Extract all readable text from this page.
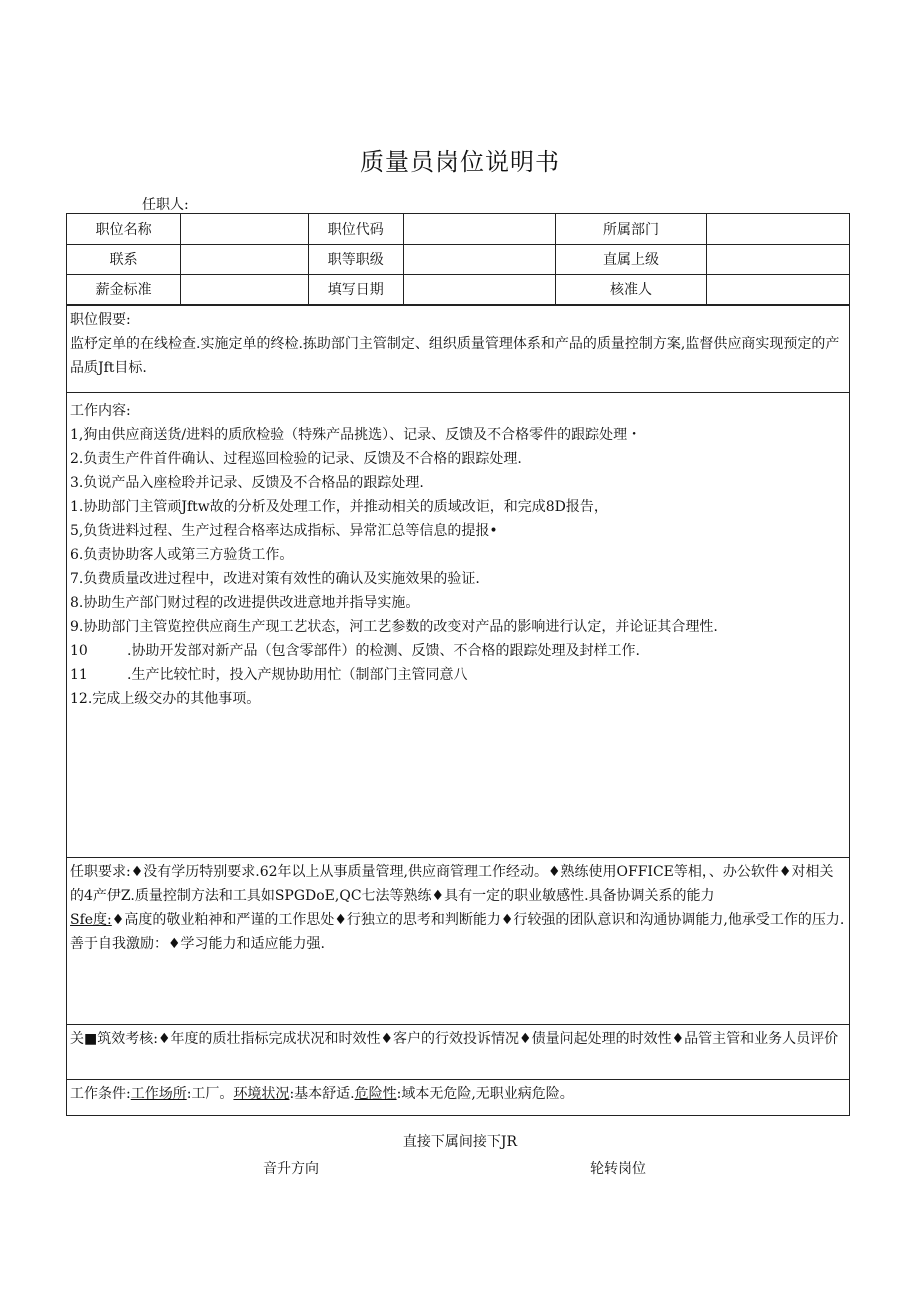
质量员岗位说明书
任职人:
职位名称		职位代码		所属部门	
联系		职等职级		直属上级	
薪金标准		填写日期		核准人	

职位假要:

监杼定单的在线检查.实施定单的终检.拣助部门主管制定、组织质量管理体系和产品的质量控制方案,监督供应商实现预定的产品质Jft目标.

工作内容:

1,狗由供应商送货/进料的质欣检验（特殊产品挑选）、记录、反馈及不合格零件的跟踪处理・

2.负责生产件首件确认、过程巡回检验的记录、反馈及不合格的跟踪处理.

3.负说产品入座检聆并记录、反馈及不合格品的跟踪处理.

1.协助部门主管顽Jftw故的分析及处理工作，并推动相关的质域改讵，和完成8D报告，

5,负货进料过程、生产过程合格率达成指标、异常汇总等信息的提报•

6.负责协助客人或第三方验货工作。

7.负费质量改进过程中，改进对策有效性的确认及实施效果的验证.

8.协助生产部门财过程的改进提供改进意地并指导实施。

9.协助部门主管览控供应商生产现工艺状态，河工艺参数的改变对产品的影响进行认定，并论证其合理性.

10	.协助开发部对新产品（包含零部件）的检测、反馈、不合格的跟踪处理及封样工作.

11	.生产比较忙时，投入产规协助用忙（制部门主管同意八

12.完成上级交办的其他事项。

任职要求:♦没有学历特别要求.62年以上从事质量管理,供应商管理工作经动。♦熟练使用OFFICE等相，、办公软件♦对相关的4产伊Z.质量控制方法和工具如SPGDoE,QC七法等熟练♦具有一定的职业敏感性.具备协调关系的能力

Sfe度:♦高度的敬业粕神和严谨的工作思处♦行独立的思考和判断能力♦行较强的团队意识和沟通协调能力,他承受工作的压力.善于自我激励：♦学习能力和适应能力强.

关■筑效考核:♦年度的质壮指标完成状况和时效性♦客户的行效投诉情况♦债量问起处理的时效性♦品管主管和业务人员评价

工作条件:工作场所:工厂。环境状况:基本舒适.危险性:域本无危险,无职业病危险。

直接下属间接下JR
音升方向	轮转岗位
